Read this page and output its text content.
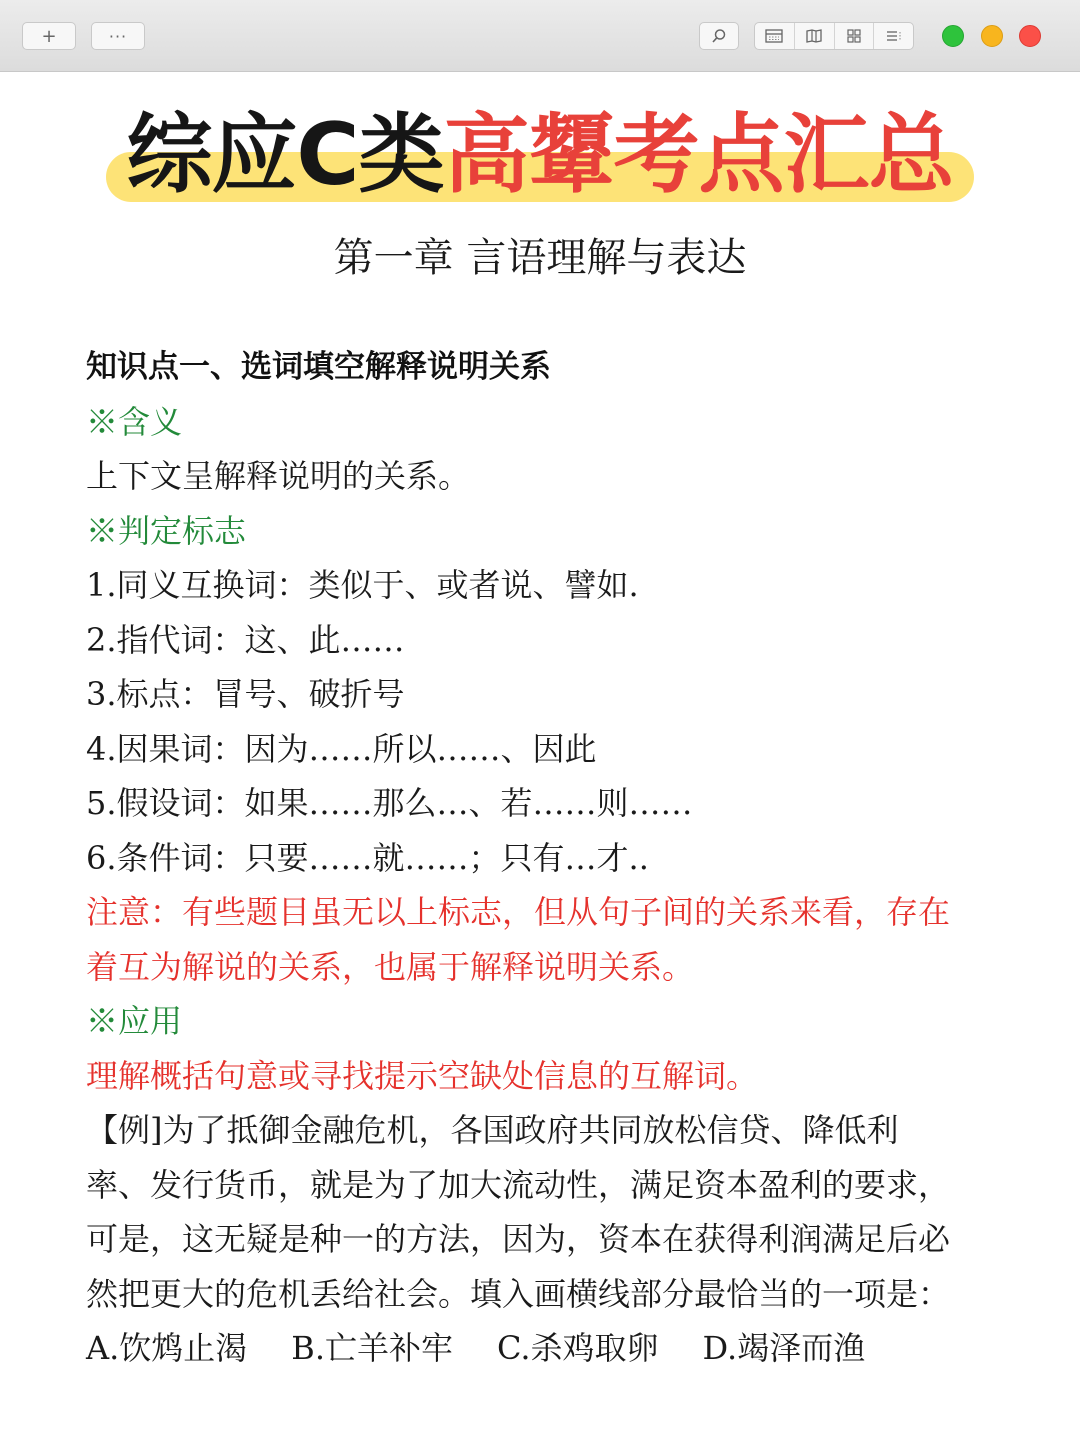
+	···
综应C类高顰考点汇总
第一章 言语理解与表达
知识点一、选词填空解释说明关系
※含义
上下文呈解释说明的关系。
※判定标志
1.同义互换词：类似于、或者说、譬如.
2.指代词：这、此……
3.标点：冒号、破折号
4.因果词：因为……所以……、因此
5.假设词：如果……那么…、若……则……
6.条件词：只要……就……；只有…才..
注意：有些题目虽无以上标志，但从句子间的关系来看，存在
着互为解说的关系，也属于解释说明关系。
※应用
理解概括句意或寻找提示空缺处信息的互解词。
【例]为了抵御金融危机，各国政府共同放松信贷、降低利
率、发行货币，就是为了加大流动性，满足资本盈利的要求，
可是，这无疑是种一的方法，因为，资本在获得利润满足后必
然把更大的危机丢给社会。填入画横线部分最恰当的一项是：
A.饮鸩止渴 B.亡羊补牢 C.杀鸡取卵 D.竭泽而渔
